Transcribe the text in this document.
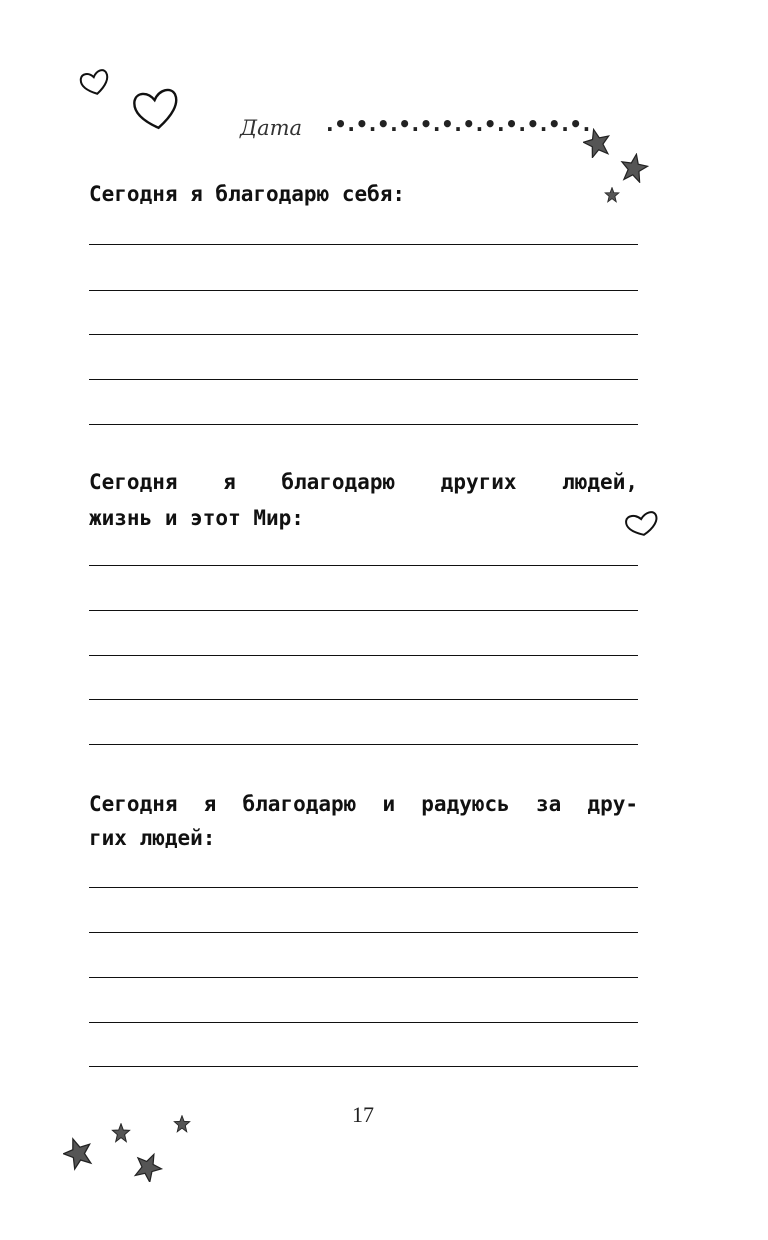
Дата .•.•.•.•.•.•.•.•.•.•.•.•.

Сегодня я благодарю себя:

Сегодня я благодарю других людей,

жизнь и этот Мир:

Сегодня я благодарю и радуюсь за дру-

гих людей:

17
